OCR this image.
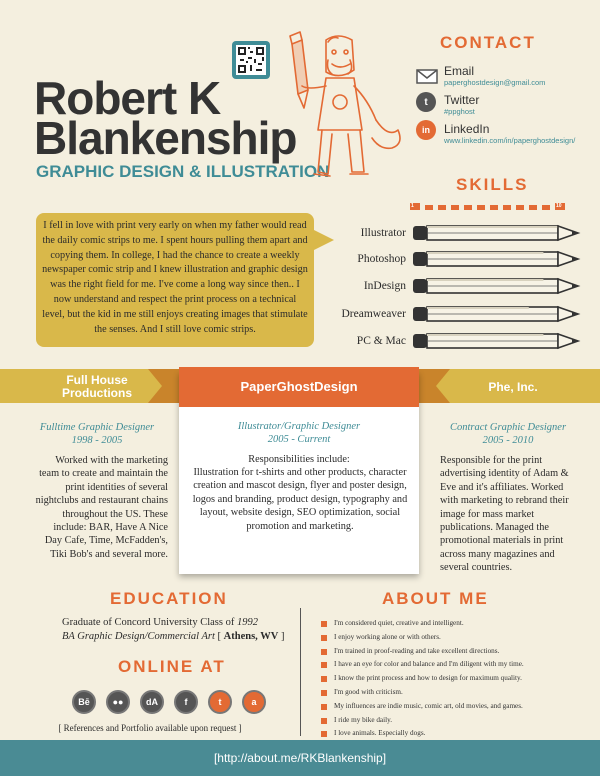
Robert K
Blankenship
GRAPHIC DESIGN & ILLUSTRATION
CONTACT
Email
paperghostdesign@gmail.com
t	Twitter
#ppghost
in	LinkedIn
www.linkedin.com/in/paperghostdesign/
I fell in love with print very early on when my father would read the daily comic strips to me. I spent hours pulling them apart and copying them. In college, I had the chance to create a weekly newspaper comic strip and I knew illustration and graphic design was the right field for me. I've come a long way since then.. I now understand and respect the print process on a technical level, but the kid in me still enjoys creating images that stimulate the senses. And I still love comic strips.
SKILLS
1	10
Illustrator
Photoshop
InDesign
Dreamweaver
PC & Mac
Full House Productions	Phe, Inc.
PaperGhostDesign
Fulltime Graphic Designer
1998 - 2005
Worked with the marketing team to create and maintain the print identities of several nightclubs and restaurant chains throughout the US. These include: BAR, Have A Nice Day Cafe, Time, McFadden's, Tiki Bob's and several more.
Illustrator/Graphic Designer
2005 - Current
Responsibilities include:
Illustration for t-shirts and other products, character creation and mascot design, flyer and poster design, logos and branding, product design, typography and layout, website design, SEO optimization, social promotion and marketing.
Contract Graphic Designer
2005 - 2010
Responsible for the print advertising identity of Adam & Eve and it's affiliates. Worked with marketing to rebrand their image for mass market publications. Managed the promotional materials in print across many magazines and several countries.
EDUCATION
Graduate of Concord University Class of 1992
BA Graphic Design/Commercial Art [ Athens, WV ]
ONLINE AT
Bē	●●	dA	f	t	a
[ References and Portfolio available upon request ]
ABOUT ME
I'm considered quiet, creative and intelligent.
I enjoy working alone or with others.
I'm trained in proof-reading and take excellent directions.
I have an eye for color and balance and I'm diligent with my time.
I know the print process and how to design for maximum quality.
I'm good with criticism.
My influences are indie music, comic art, old movies, and games.
I ride my bike daily.
I love animals. Especially dogs.
[http://about.me/RKBlankenship]
